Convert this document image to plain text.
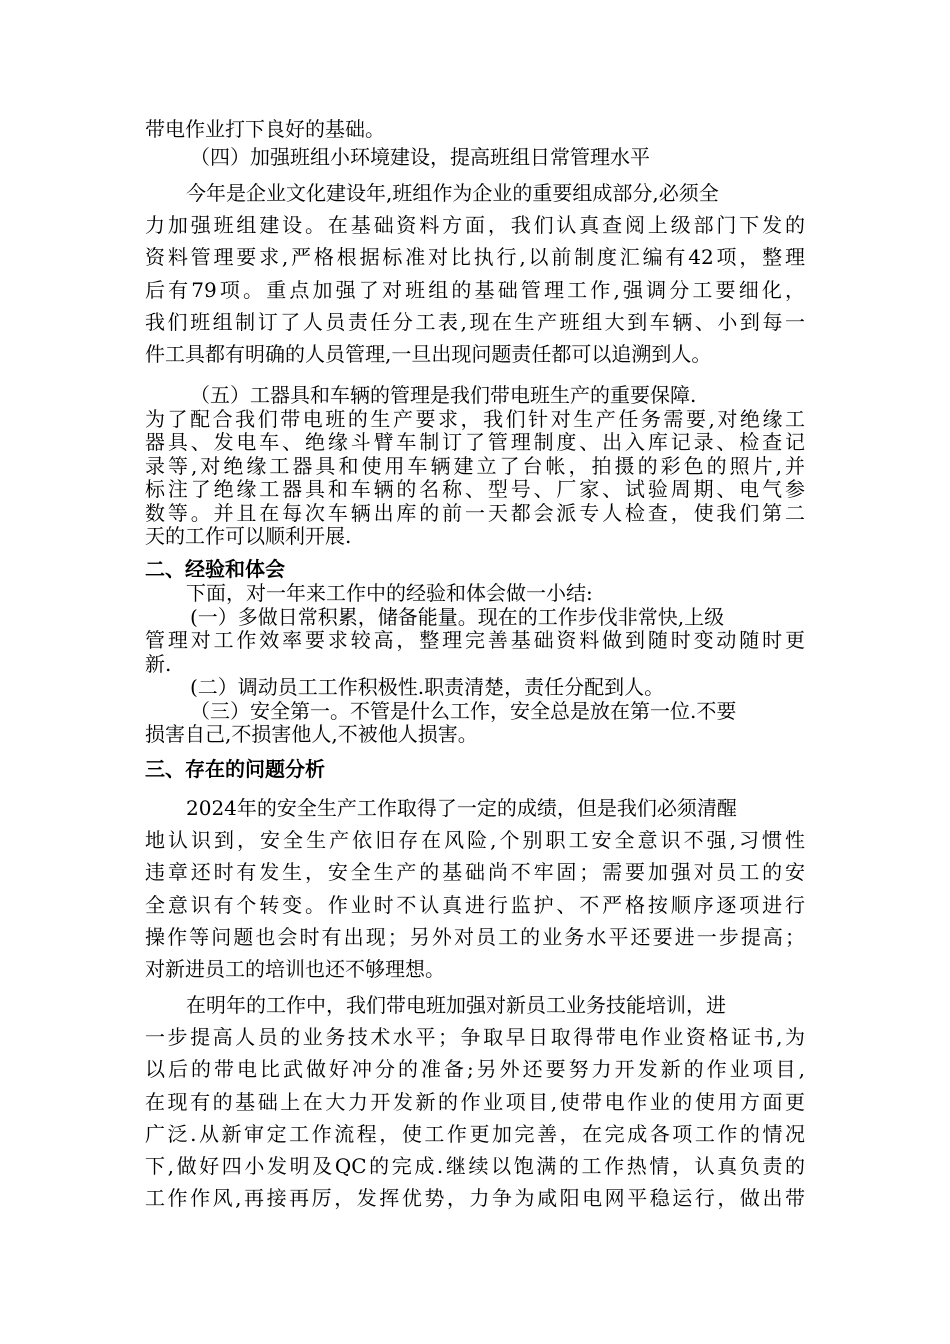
带电作业打下良好的基础。
（四）加强班组小环境建设，提高班组日常管理水平
今年是企业文化建设年,班组作为企业的重要组成部分,必须全
力加强班组建设。在基础资料方面，我们认真查阅上级部门下发的
资料管理要求,严格根据标准对比执行,以前制度汇编有42项，整理
后有79项。重点加强了对班组的基础管理工作,强调分工要细化，
我们班组制订了人员责任分工表,现在生产班组大到车辆、小到每一
件工具都有明确的人员管理,一旦出现问题责任都可以追溯到人。
（五）工器具和车辆的管理是我们带电班生产的重要保障.
为了配合我们带电班的生产要求，我们针对生产任务需要,对绝缘工
器具、发电车、绝缘斗臂车制订了管理制度、出入库记录、检查记
录等,对绝缘工器具和使用车辆建立了台帐，拍摄的彩色的照片,并
标注了绝缘工器具和车辆的名称、型号、厂家、试验周期、电气参
数等。并且在每次车辆出库的前一天都会派专人检查，使我们第二
天的工作可以顺利开展.
二、经验和体会
下面，对一年来工作中的经验和体会做一小结:
(一）多做日常积累，储备能量。现在的工作步伐非常快,上级
管理对工作效率要求较高，整理完善基础资料做到随时变动随时更
新.
(二）调动员工工作积极性.职责清楚，责任分配到人。
（三）安全第一。不管是什么工作，安全总是放在第一位.不要
损害自己,不损害他人,不被他人损害。
三、存在的问题分析
2024年的安全生产工作取得了一定的成绩，但是我们必须清醒
地认识到，安全生产依旧存在风险,个别职工安全意识不强,习惯性
违章还时有发生，安全生产的基础尚不牢固；需要加强对员工的安
全意识有个转变。作业时不认真进行监护、不严格按顺序逐项进行
操作等问题也会时有出现；另外对员工的业务水平还要进一步提高；
对新进员工的培训也还不够理想。
在明年的工作中，我们带电班加强对新员工业务技能培训，进
一步提高人员的业务技术水平；争取早日取得带电作业资格证书,为
以后的带电比武做好冲分的准备;另外还要努力开发新的作业项目,
在现有的基础上在大力开发新的作业项目,使带电作业的使用方面更
广泛.从新审定工作流程，使工作更加完善，在完成各项工作的情况
下,做好四小发明及QC的完成.继续以饱满的工作热情，认真负责的
工作作风,再接再厉，发挥优势，力争为咸阳电网平稳运行，做出带
